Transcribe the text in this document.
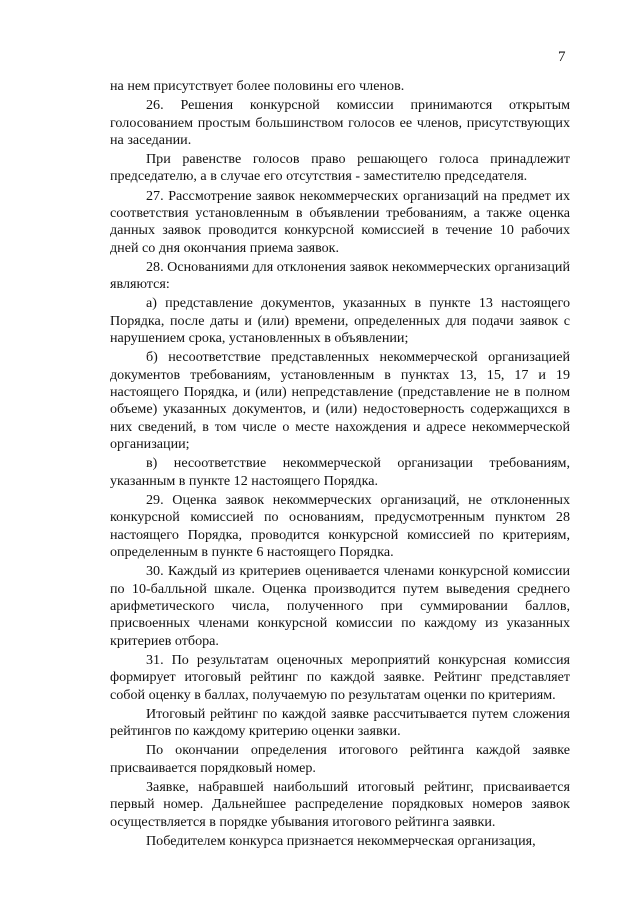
7

на нем присутствует более половины его членов.

26. Решения конкурсной комиссии принимаются открытым голосованием простым большинством голосов ее членов, присутствующих на заседании.

При равенстве голосов право решающего голоса принадлежит председателю, а в случае его отсутствия - заместителю председателя.

27. Рассмотрение заявок некоммерческих организаций на предмет их соответствия установленным в объявлении требованиям, а также оценка данных заявок проводится конкурсной комиссией в течение 10 рабочих дней со дня окончания приема заявок.

28. Основаниями для отклонения заявок некоммерческих организаций являются:

а) представление документов, указанных в пункте 13 настоящего Порядка, после даты и (или) времени, определенных для подачи заявок с нарушением срока, установленных в объявлении;

б) несоответствие представленных некоммерческой организацией документов требованиям, установленным в пунктах 13, 15, 17 и 19 настоящего Порядка, и (или) непредставление (представление не в полном объеме) указанных документов, и (или) недостоверность содержащихся в них сведений, в том числе о месте нахождения и адресе некоммерческой организации;

в) несоответствие некоммерческой организации требованиям, указанным в пункте 12 настоящего Порядка.

29. Оценка заявок некоммерческих организаций, не отклоненных конкурсной комиссией по основаниям, предусмотренным пунктом 28 настоящего Порядка, проводится конкурсной комиссией по критериям, определенным в пункте 6 настоящего Порядка.

30. Каждый из критериев оценивается членами конкурсной комиссии по 10-балльной шкале. Оценка производится путем выведения среднего арифметического числа, полученного при суммировании баллов, присвоенных членами конкурсной комиссии по каждому из указанных критериев отбора.

31. По результатам оценочных мероприятий конкурсная комиссия формирует итоговый рейтинг по каждой заявке. Рейтинг представляет собой оценку в баллах, получаемую по результатам оценки по критериям.

Итоговый рейтинг по каждой заявке рассчитывается путем сложения рейтингов по каждому критерию оценки заявки.

По окончании определения итогового рейтинга каждой заявке присваивается порядковый номер.

Заявке, набравшей наибольший итоговый рейтинг, присваивается первый номер. Дальнейшее распределение порядковых номеров заявок осуществляется в порядке убывания итогового рейтинга заявки.

Победителем конкурса признается некоммерческая организация,
